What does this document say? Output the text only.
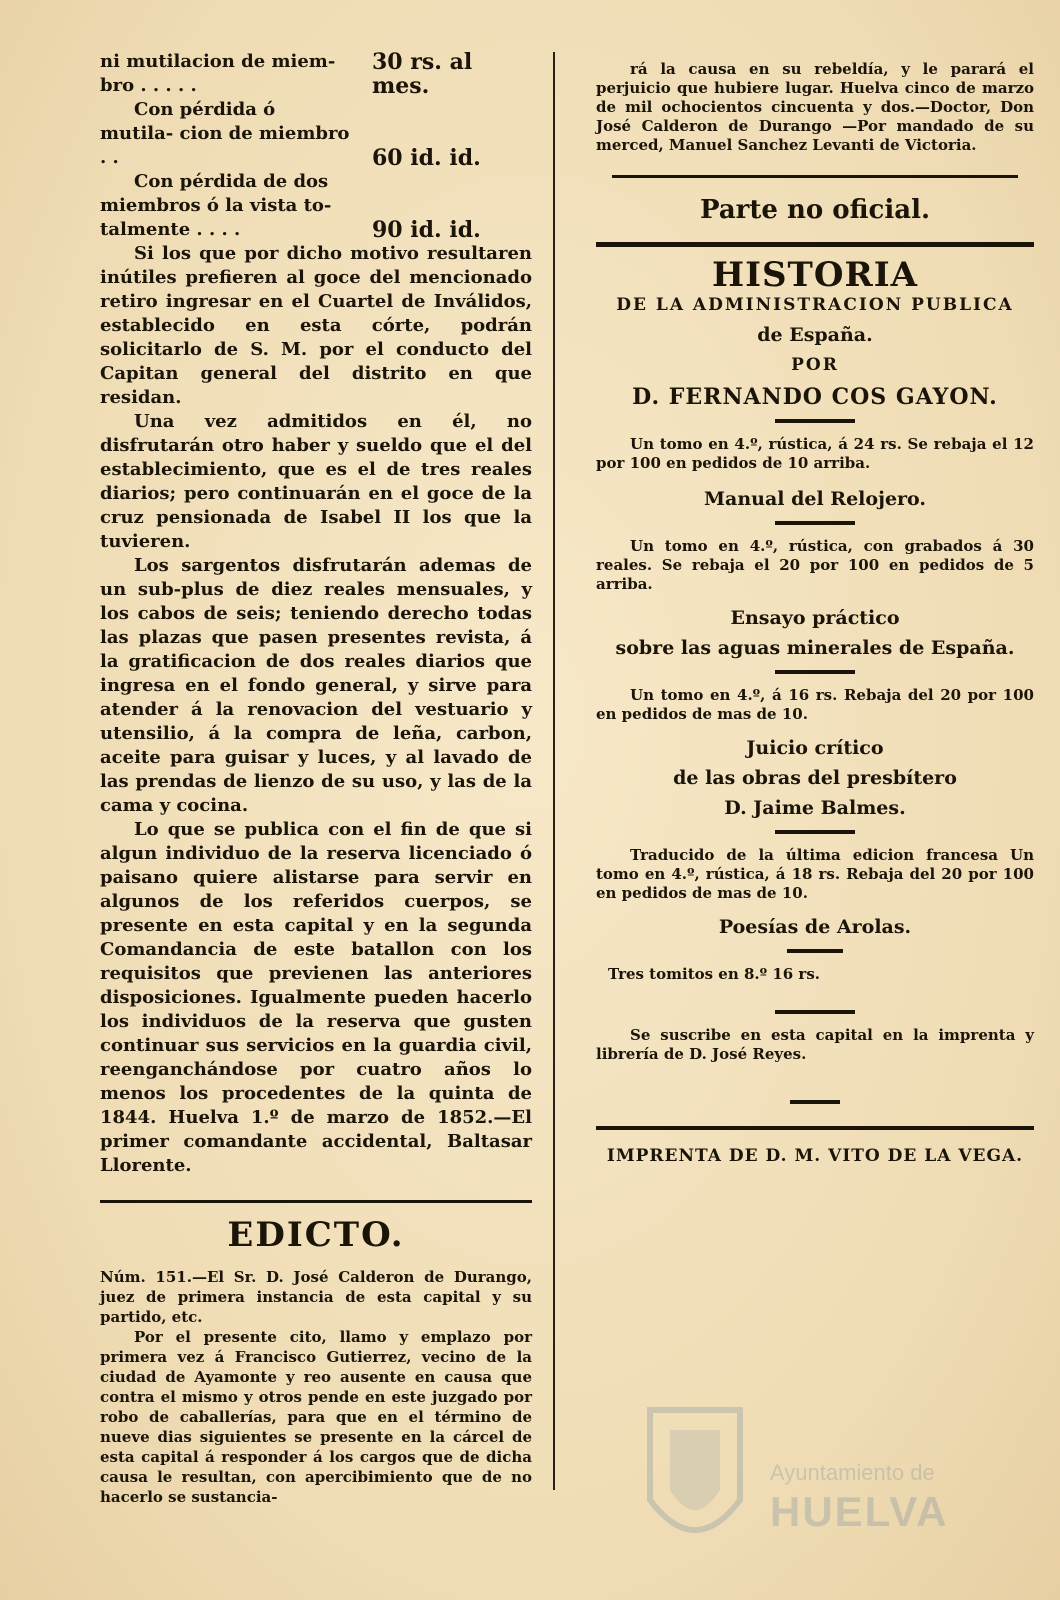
ni mutilacion de miem- bro . . . . .
30 rs. al mes.
Con pérdida ó mutila- cion de miembro . .	60 id. id.
Con pérdida de dos miembros ó la vista to- talmente . . . .	90 id. id.

Si los que por dicho motivo resultaren inútiles prefieren al goce del mencionado retiro ingresar en el Cuartel de Inválidos, establecido en esta córte, podrán solicitarlo de S. M. por el conducto del Capitan general del distrito en que residan.

Una vez admitidos en él, no disfrutarán otro haber y sueldo que el del establecimiento, que es el de tres reales diarios; pero continuarán en el goce de la cruz pensionada de Isabel II los que la tuvieren.

Los sargentos disfrutarán ademas de un sub-plus de diez reales mensuales, y los cabos de seis; teniendo derecho todas las plazas que pasen presentes revista, á la gratificacion de dos reales diarios que ingresa en el fondo general, y sirve para atender á la renovacion del vestuario y utensilio, á la compra de leña, carbon, aceite para guisar y luces, y al lavado de las prendas de lienzo de su uso, y las de la cama y cocina.

Lo que se publica con el fin de que si algun individuo de la reserva licenciado ó paisano quiere alistarse para servir en algunos de los referidos cuerpos, se presente en esta capital y en la segunda Comandancia de este batallon con los requisitos que previenen las anteriores disposiciones. Igualmente pueden hacerlo los individuos de la reserva que gusten continuar sus servicios en la guardia civil, reenganchándose por cuatro años lo menos los procedentes de la quinta de 1844. Huelva 1.º de marzo de 1852.—El primer comandante accidental, Baltasar Llorente.

EDICTO.

Núm. 151.—El Sr. D. José Calderon de Durango, juez de primera instancia de esta capital y su partido, etc.

Por el presente cito, llamo y emplazo por primera vez á Francisco Gutierrez, vecino de la ciudad de Ayamonte y reo ausente en causa que contra el mismo y otros pende en este juzgado por robo de caballerías, para que en el término de nueve dias siguientes se presente en la cárcel de esta capital á responder á los cargos que de dicha causa le resultan, con apercibimiento que de no hacerlo se sustancia-

rá la causa en su rebeldía, y le parará el perjuicio que hubiere lugar. Huelva cinco de marzo de mil ochocientos cincuenta y dos.—Doctor, Don José Calderon de Durango —Por mandado de su merced, Manuel Sanchez Levanti de Victoria.

Parte no oficial.
HISTORIA
DE LA ADMINISTRACION PUBLICA
de España.
POR
D. FERNANDO COS GAYON.

Un tomo en 4.º, rústica, á 24 rs. Se rebaja el 12 por 100 en pedidos de 10 arriba.

Manual del Relojero.

Un tomo en 4.º, rústica, con grabados á 30 reales. Se rebaja el 20 por 100 en pedidos de 5 arriba.

Ensayo práctico
sobre las aguas minerales de España.

Un tomo en 4.º, á 16 rs. Rebaja del 20 por 100 en pedidos de mas de 10.

Juicio crítico
de las obras del presbítero
D. Jaime Balmes.

Traducido de la última edicion francesa Un tomo en 4.º, rústica, á 18 rs. Rebaja del 20 por 100 en pedidos de mas de 10.

Poesías de Arolas.

Tres tomitos en 8.º 16 rs.

Se suscribe en esta capital en la imprenta y librería de D. José Reyes.

IMPRENTA DE D. M. VITO DE LA VEGA.
Ayuntamiento de
HUELVA
